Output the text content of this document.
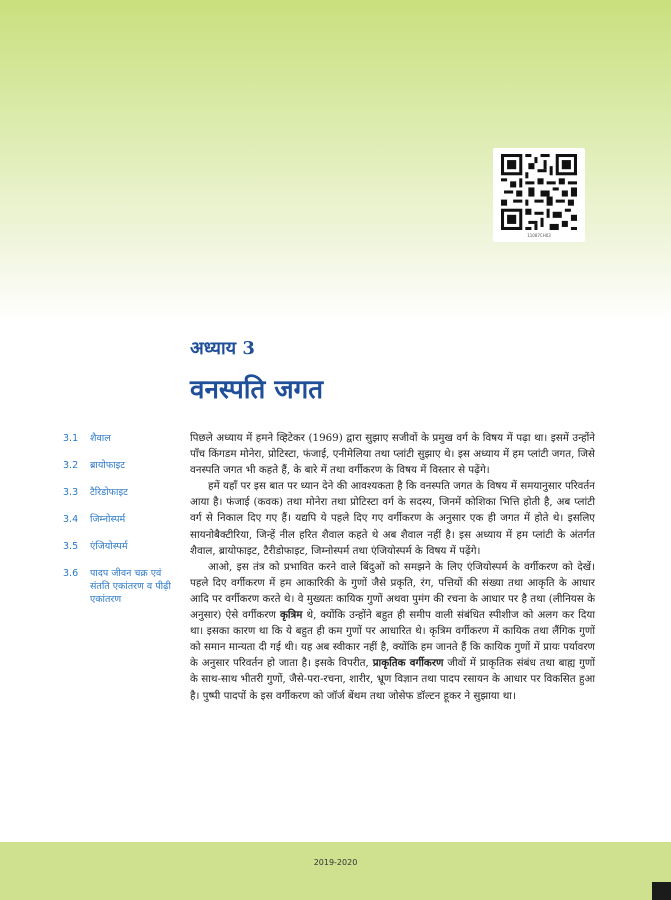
11087CH03
अध्याय 3
वनस्पति जगत
3.1	शैवाल
3.2	ब्रायोफाइट
3.3	टैरिडोफाइट
3.4	जिम्नोस्पर्म
3.5	एंजियोस्पर्म
3.6	पादप जीवन चक्र एवं संतति एकांतरण व पीढ़ी एकांतरण

पिछले अध्याय में हमने व्हिटेकर (1969) द्वारा सुझाए सजीवों के प्रमुख वर्ग के विषय में पढ़ा था। इसमें उन्होंने पाँच किंगडम मोनेरा, प्रोटिस्टा, फंजाई, एनीमेलिया तथा प्लांटी सुझाए थे। इस अध्याय में हम प्लांटी जगत, जिसे वनस्पति जगत भी कहते हैं, के बारे में तथा वर्गीकरण के विषय में विस्तार से पढ़ेंगे।

हमें यहाँ पर इस बात पर ध्यान देने की आवश्यकता है कि वनस्पति जगत के विषय में समयानुसार परिवर्तन आया है। फंजाई (कवक) तथा मोनेरा तथा प्रोटिस्टा वर्ग के सदस्य, जिनमें कोशिका भित्ति होती है, अब प्लांटी वर्ग से निकाल दिए गए हैं। यद्यपि ये पहले दिए गए वर्गीकरण के अनुसार एक ही जगत में होते थे। इसलिए सायनोबैक्टीरिया, जिन्हें नील हरित शैवाल कहते थे अब शैवाल नहीं है। इस अध्याय में हम प्लांटी के अंतर्गत शैवाल, ब्रायोफाइट, टैरीडोफाइट, जिम्नोस्पर्म तथा एंजियोस्पर्म के विषय में पढ़ेंगे।

आओ, इस तंत्र को प्रभावित करने वाले बिंदुओं को समझने के लिए एंजियोस्पर्म के वर्गीकरण को देखें। पहले दिए वर्गीकरण में हम आकारिकी के गुणों जैसे प्रकृति, रंग, पत्तियों की संख्या तथा आकृति के आधार आदि पर वर्गीकरण करते थे। वे मुख्यतः कायिक गुणों अथवा पुमंग की रचना के आधार पर है तथा (लीनियस के अनुसार) ऐसे वर्गीकरण कृत्रिम थे, क्योंकि उन्होंने बहुत ही समीप वाली संबंधित स्पीशीज को अलग कर दिया था। इसका कारण था कि ये बहुत ही कम गुणों पर आधारित थे। कृत्रिम वर्गीकरण में कायिक तथा लैंगिक गुणों को समान मान्यता दी गई थी। यह अब स्वीकार नहीं है, क्योंकि हम जानते हैं कि कायिक गुणों में प्रायः पर्यावरण के अनुसार परिवर्तन हो जाता है। इसके विपरीत, प्राकृतिक वर्गीकरण जीवों में प्राकृतिक संबंध तथा बाह्य गुणों के साथ-साथ भीतरी गुणों, जैसे-परा-रचना, शारीर, भ्रूण विज्ञान तथा पादप रसायन के आधार पर विकसित हुआ है। पुष्पी पादपों के इस वर्गीकरण को जॉर्ज बेंथम तथा जोसेफ डॉल्टन हूकर ने सुझाया था।

2019-2020
